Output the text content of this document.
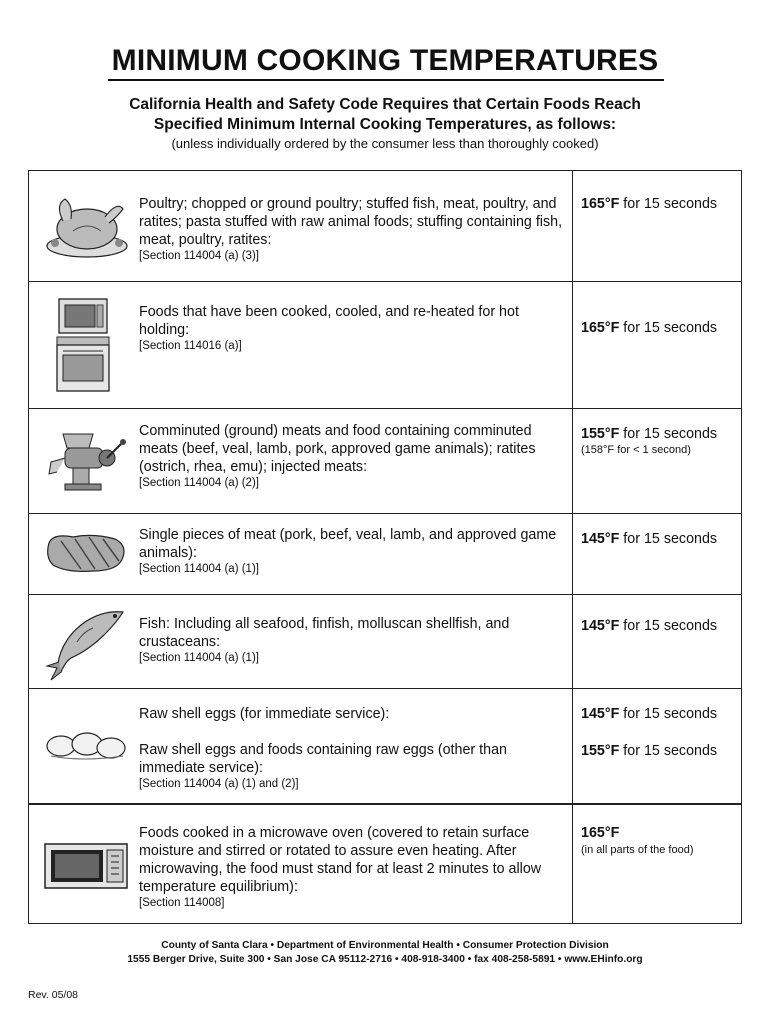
MINIMUM COOKING TEMPERATURES
California Health and Safety Code Requires that Certain Foods Reach
Specified Minimum Internal Cooking Temperatures, as follows:
(unless individually ordered by the consumer less than thoroughly cooked)
Poultry; chopped or ground poultry; stuffed fish, meat, poultry, and ratites; pasta stuffed with raw animal foods; stuffing containing fish, meat, poultry, ratites:
[Section 114004 (a) (3)]
165°F for 15 seconds
Foods that have been cooked, cooled, and re-heated for hot holding:
[Section 114016 (a)]
165°F for 15 seconds
Comminuted (ground) meats and food containing comminuted meats (beef, veal, lamb, pork, approved game animals); ratites (ostrich, rhea, emu); injected meats:
[Section 114004 (a) (2)]
155°F for 15 seconds
(158°F for < 1 second)
Single pieces of meat (pork, beef, veal, lamb, and approved game animals):
[Section 114004 (a) (1)]
145°F for 15 seconds
Fish: Including all seafood, finfish, molluscan shellfish, and crustaceans:
[Section 114004 (a) (1)]
145°F for 15 seconds
Raw shell eggs (for immediate service):
Raw shell eggs and foods containing raw eggs (other than immediate service):
[Section 114004 (a) (1) and (2)]
145°F for 15 seconds
155°F for 15 seconds
Foods cooked in a microwave oven (covered to retain surface moisture and stirred or rotated to assure even heating. After microwaving, the food must stand for at least 2 minutes to allow temperature equilibrium):
[Section 114008]
165°F
(in all parts of the food)
County of Santa Clara • Department of Environmental Health • Consumer Protection Division
1555 Berger Drive, Suite 300 • San Jose CA 95112-2716 • 408-918-3400 • fax 408-258-5891 • www.EHinfo.org
Rev. 05/08
